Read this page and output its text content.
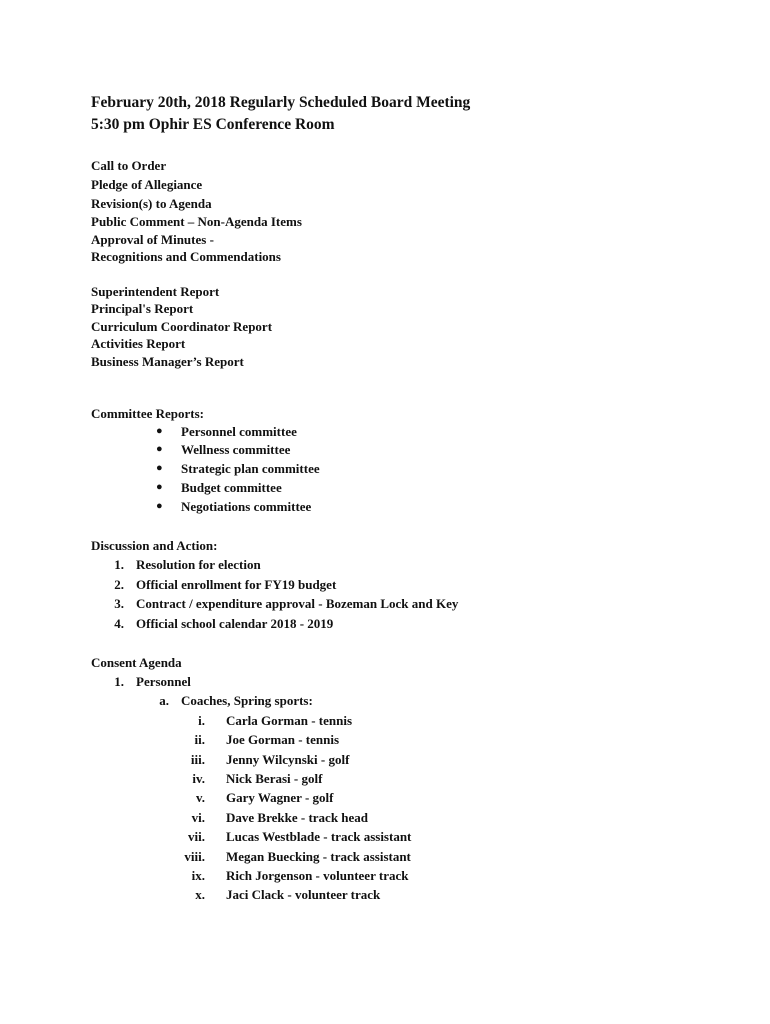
February 20th, 2018 Regularly Scheduled Board Meeting
5:30 pm Ophir ES Conference Room
Call to Order
Pledge of Allegiance
Revision(s) to Agenda
Public Comment – Non-Agenda Items
Approval of Minutes -
Recognitions and Commendations
Superintendent Report
Principal's Report
Curriculum Coordinator Report
Activities Report
Business Manager’s Report
Committee Reports:
● Personnel committee
● Wellness committee
● Strategic plan committee
● Budget committee
● Negotiations committee
Discussion and Action:
1. Resolution for election
2. Official enrollment for FY19 budget
3. Contract / expenditure approval - Bozeman Lock and Key
4. Official school calendar 2018 - 2019
Consent Agenda
1. Personnel
a. Coaches, Spring sports:
i. Carla Gorman - tennis
ii. Joe Gorman - tennis
iii. Jenny Wilcynski - golf
iv. Nick Berasi - golf
v. Gary Wagner - golf
vi. Dave Brekke - track head
vii. Lucas Westblade - track assistant
viii. Megan Buecking - track assistant
ix. Rich Jorgenson - volunteer track
x. Jaci Clack - volunteer track
